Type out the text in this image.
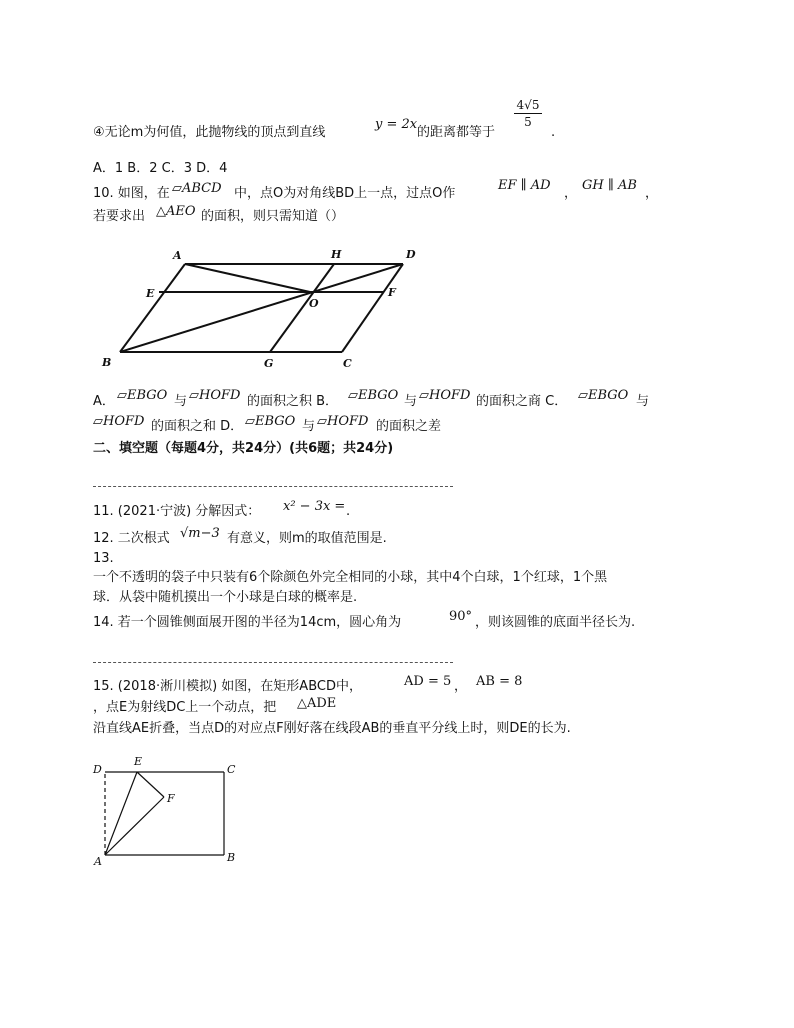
④无论m为何值，此抛物线的顶点到直线
y = 2x
的距离都等于
4√5
5
.
A．1 B．2 C．3 D．4
10. 如图，在 ▱ABCD 中，点O为对角线BD上一点，过点O作
EF ∥ AD
，
GH ∥ AB
，
若要求出 △AEO 的面积，则只需知道（）
A	H	D
E
O
F
B	G	C
A． ▱EBGO 与 ▱HOFD 的面积之积 B． ▱EBGO 与 ▱HOFD 的面积之商 C． ▱EBGO 与
▱HOFD 的面积之和 D． ▱EBGO 与 ▱HOFD 的面积之差
二、填空题（每题4分，共24分）(共6题；共24分)
11. (2021·宁波) 分解因式： x² − 3x = .
12. 二次根式 √m−3 有意义，则m的取值范围是.
13.
一个不透明的袋子中只装有6个除颜色外完全相同的小球，其中4个白球，1个红球，1个黑
球．从袋中随机摸出一个小球是白球的概率是.
14. 若一个圆锥侧面展开图的半径为14cm，圆心角为	90° ，则该圆锥的底面半径长为.
15. (2018·淅川模拟) 如图，在矩形ABCD中，	AD = 5 ， AB = 8
，点E为射线DC上一个动点，把 △ADE
沿直线AE折叠，当点D的对应点F刚好落在线段AB的垂直平分线上时，则DE的长为.
D
E
C
F
A	B
